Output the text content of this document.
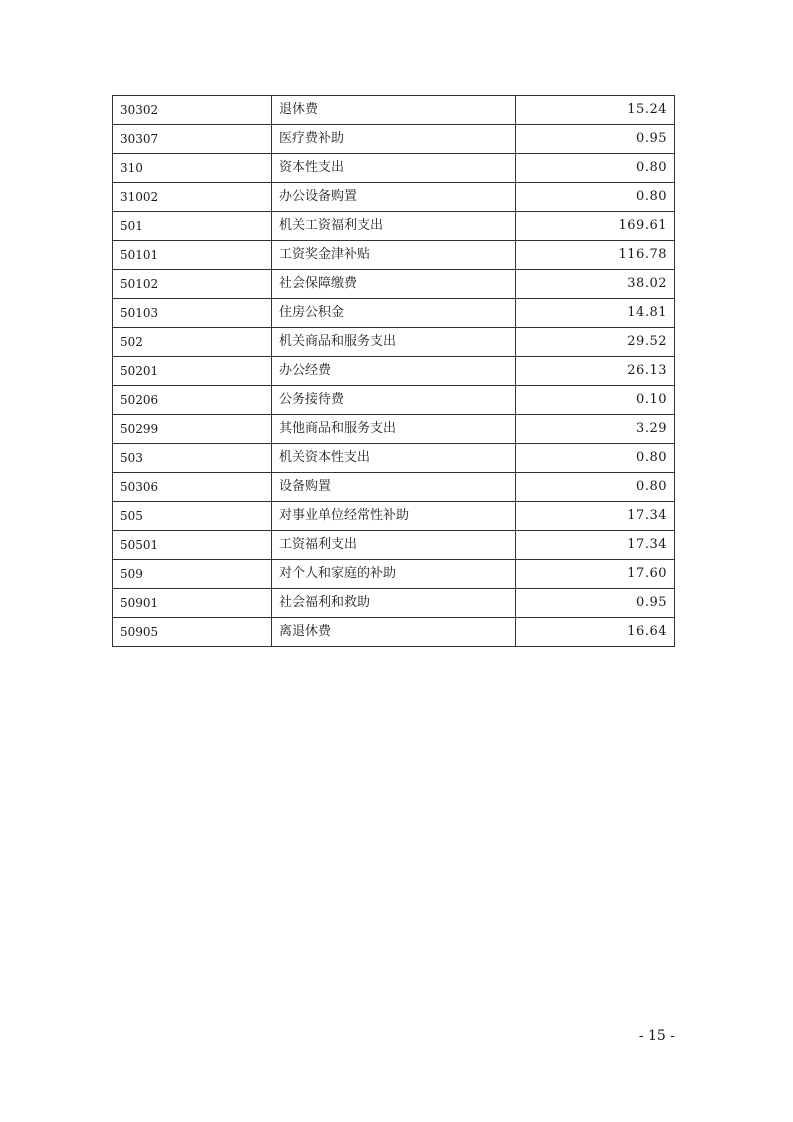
30302	退休费	15.24
30307	医疗费补助	0.95
310	资本性支出	0.80
31002	办公设备购置	0.80
501	机关工资福利支出	169.61
50101	工资奖金津补贴	116.78
50102	社会保障缴费	38.02
50103	住房公积金	14.81
502	机关商品和服务支出	29.52
50201	办公经费	26.13
50206	公务接待费	0.10
50299	其他商品和服务支出	3.29
503	机关资本性支出	0.80
50306	设备购置	0.80
505	对事业单位经常性补助	17.34
50501	工资福利支出	17.34
509	对个人和家庭的补助	17.60
50901	社会福利和救助	0.95
50905	离退休费	16.64
- 15 -
